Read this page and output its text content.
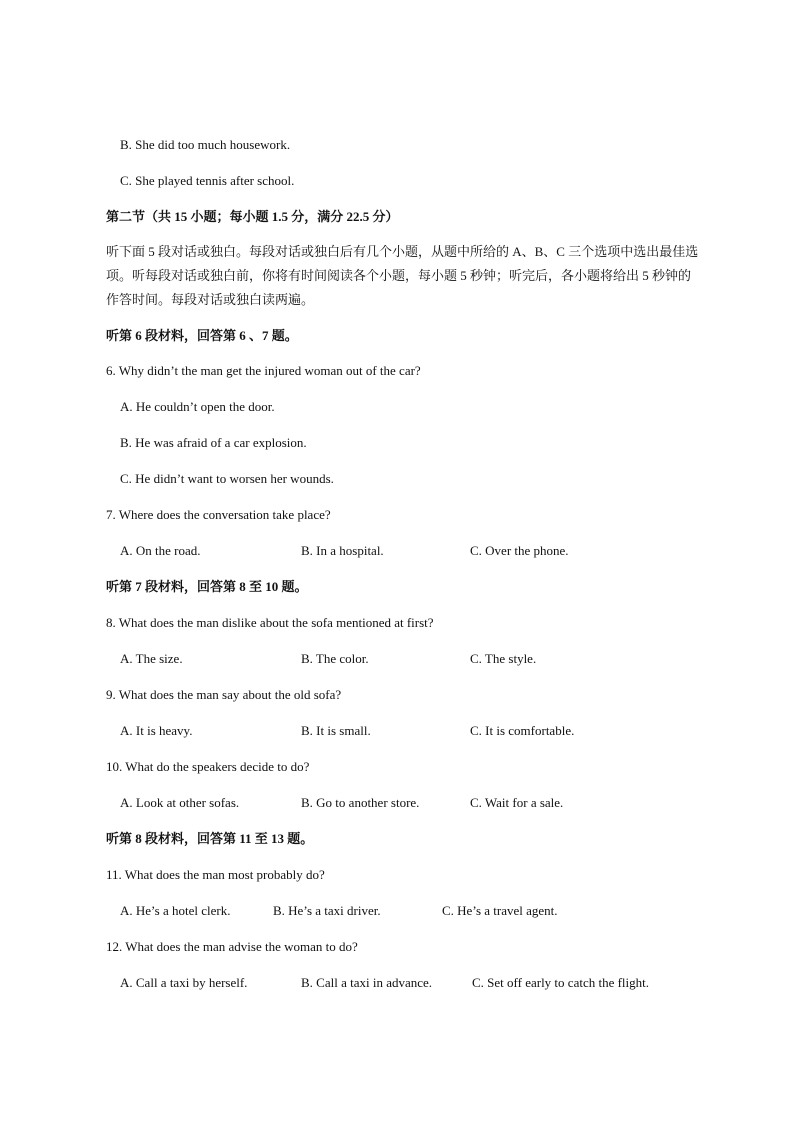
B. She did too much housework.
C. She played tennis after school.
第二节（共 15 小题；每小题 1.5 分，满分 22.5 分）
听下面 5 段对话或独白。每段对话或独白后有几个小题，从题中所给的 A、B、C 三个选项中选出最佳选项。听每段对话或独白前，你将有时间阅读各个小题，每小题 5 秒钟；听完后，各小题将给出 5 秒钟的作答时间。每段对话或独白读两遍。
听第 6 段材料，回答第 6 、7 题。
6. Why didn’t the man get the injured woman out of the car?
A. He couldn’t open the door.
B. He was afraid of a car explosion.
C. He didn’t want to worsen her wounds.
7. Where does the conversation take place?
A. On the road.	B. In a hospital.	C. Over the phone.
听第 7 段材料，回答第 8 至 10 题。
8. What does the man dislike about the sofa mentioned at first?
A. The size.	B. The color.	C. The style.
9. What does the man say about the old sofa?
A. It is heavy.	B. It is small.	C. It is comfortable.
10. What do the speakers decide to do?
A. Look at other sofas.	B. Go to another store.	C. Wait for a sale.
听第 8 段材料，回答第 11 至 13 题。
11. What does the man most probably do?
A. He’s a hotel clerk.	B. He’s a taxi driver.	C. He’s a travel agent.
12. What does the man advise the woman to do?
A. Call a taxi by herself.	B. Call a taxi in advance.	C. Set off early to catch the flight.
